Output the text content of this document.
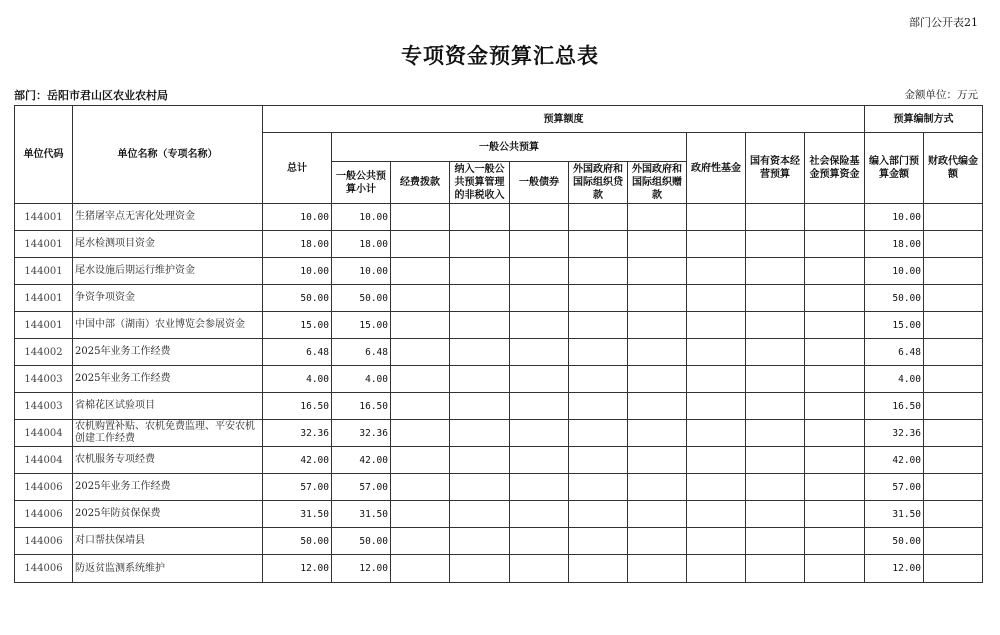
部门公开表21
专项资金预算汇总表
部门：岳阳市君山区农业农村局	金额单位：万元
单位代码	单位名称（专项名称）	预算额度										预算编制方式	
		总计	一般公共预算						政府性基金	国有资本经营预算	社会保险基金预算资金	编入部门预算金额	财政代编金额
			一般公共预算小计	经费拨款	纳入一般公共预算管理的非税收入	一般债券	外国政府和国际组织贷款	外国政府和国际组织赠款					
144001	生猪屠宰点无害化处理资金	10.00	10.00									10.00	
144001	尾水检测项目资金	18.00	18.00									18.00	
144001	尾水设施后期运行维护资金	10.00	10.00									10.00	
144001	争资争项资金	50.00	50.00									50.00	
144001	中国中部（湖南）农业博览会参展资金	15.00	15.00									15.00	
144002	2025年业务工作经费	6.48	6.48									6.48	
144003	2025年业务工作经费	4.00	4.00									4.00	
144003	省棉花区试验项目	16.50	16.50									16.50	
144004	农机购置补贴、农机免费监理、平安农机创建工作经费	32.36	32.36									32.36	
144004	农机服务专项经费	42.00	42.00									42.00	
144006	2025年业务工作经费	57.00	57.00									57.00	
144006	2025年防贫保保费	31.50	31.50									31.50	
144006	对口帮扶保靖县	50.00	50.00									50.00	
144006	防返贫监测系统维护	12.00	12.00									12.00	
